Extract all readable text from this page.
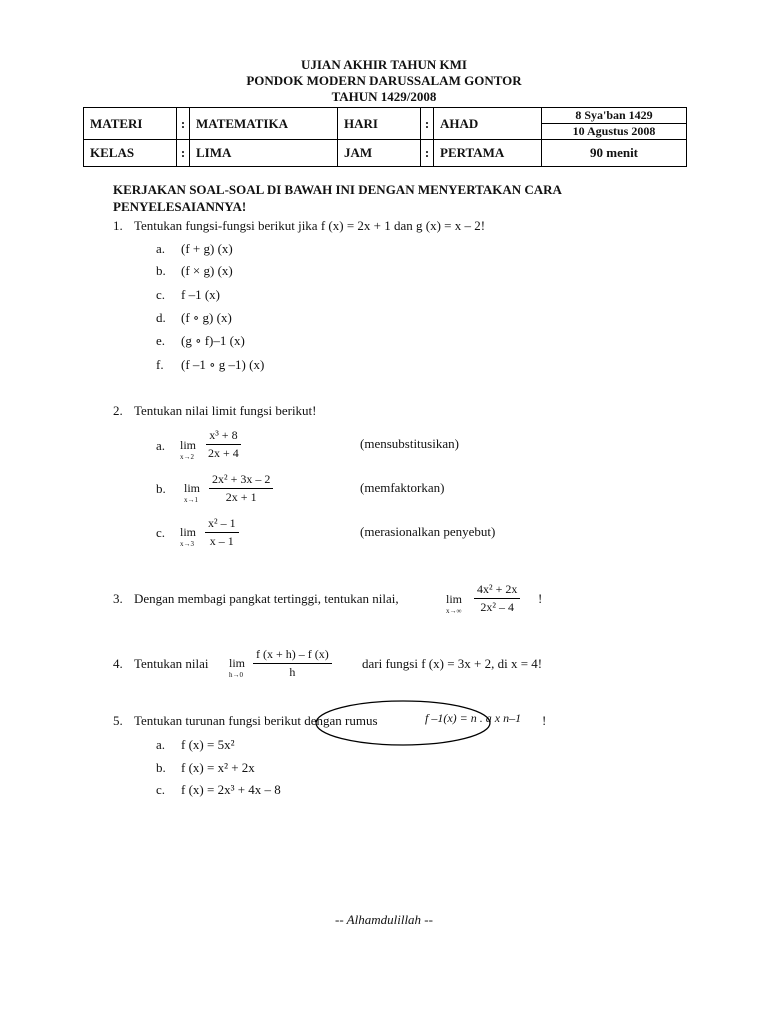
UJIAN AKHIR TAHUN KMI
PONDOK MODERN DARUSSALAM GONTOR
TAHUN 1429/2008
MATERI	:	MATEMATIKA	HARI	:	AHAD	8 Sya'ban 1429
						10 Agustus 2008
KELAS	:	LIMA	JAM	:	PERTAMA	90 menit
KERJAKAN SOAL-SOAL DI BAWAH INI DENGAN MENYERTAKAN CARA PENYELESAIANNYA!
1. Tentukan fungsi-fungsi berikut jika f (x) = 2x + 1 dan g (x) = x – 2!
a. (f + g) (x)
b. (f × g) (x)
c. f –1 (x)
d. (f ∘ g) (x)
e. (g ∘ f)–1 (x)
f. (f –1 ∘ g –1) (x)
2. Tentukan nilai limit fungsi berikut!
a. lim
$x\to 2 \frac{\text{x³ + 8}}{2x + 4}$	(mensubstitusikan)
b. lim
$x\to 1 \frac{\text{2x² + 3x – 2}}{2x + 1}$	(memfaktorkan)
c. lim
$x\to 3 \frac{\text{x² – 1}}{x - 1}$	(merasionalkan penyebut)
3. Dengan membagi pangkat tertinggi, tentukan nilai,	lim
$x\to\infty \frac{\text{4x² + 2x}}{\text{2x² – 4}}$ !
4. Tentukan nilai lim
$h\to 0 \frac{f (x + h) - f (x)}{h}$ dari fungsi f (x) = 3x + 2, di x = 4!
5. Tentukan turunan fungsi berikut dengan rumus	f –1(x) = n . a x n–1 !
a. f (x) = 5x²
b. f (x) = x² + 2x
c. f (x) = 2x³ + 4x – 8
-- Alhamdulillah --
